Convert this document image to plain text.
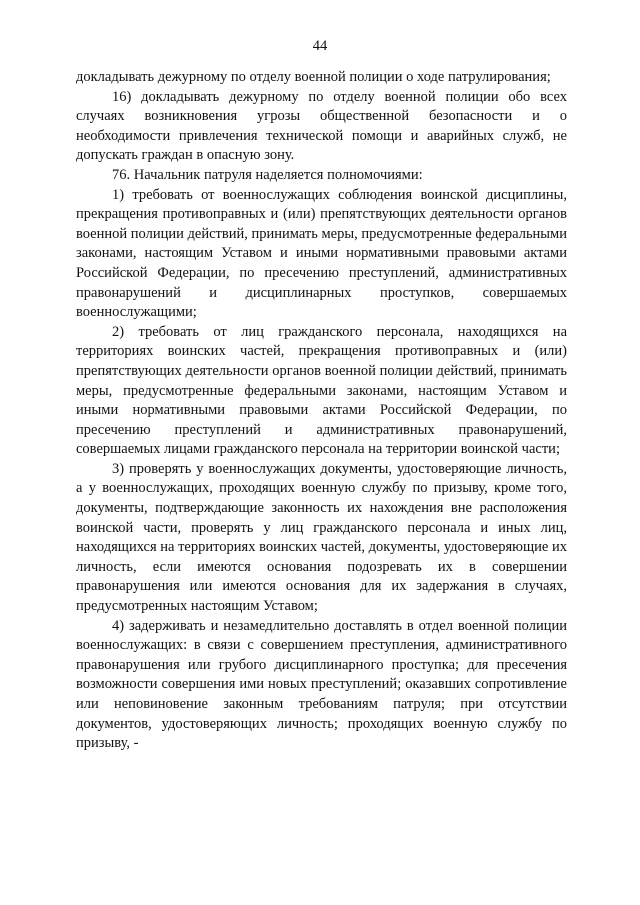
44

докладывать дежурному по отделу военной полиции о ходе патрулирования;

16) докладывать дежурному по отделу военной полиции обо всех случаях возникновения угрозы общественной безопасности и о необходимости привлечения технической помощи и аварийных служб, не допускать граждан в опасную зону.

76. Начальник патруля наделяется полномочиями:

1) требовать от военнослужащих соблюдения воинской дисциплины, прекращения противоправных и (или) препятствующих деятельности органов военной полиции действий, принимать меры, предусмотренные федеральными законами, настоящим Уставом и иными нормативными правовыми актами Российской Федерации, по пресечению преступлений, административных правонарушений и дисциплинарных проступков, совершаемых военнослужащими;

2) требовать от лиц гражданского персонала, находящихся на территориях воинских частей, прекращения противоправных и (или) препятствующих деятельности органов военной полиции действий, принимать меры, предусмотренные федеральными законами, настоящим Уставом и иными нормативными правовыми актами Российской Федерации, по пресечению преступлений и административных правонарушений, совершаемых лицами гражданского персонала на территории воинской части;

3) проверять у военнослужащих документы, удостоверяющие личность, а у военнослужащих, проходящих военную службу по призыву, кроме того, документы, подтверждающие законность их нахождения вне расположения воинской части, проверять у лиц гражданского персонала и иных лиц, находящихся на территориях воинских частей, документы, удостоверяющие их личность, если имеются основания подозревать их в совершении правонарушения или имеются основания для их задержания в случаях, предусмотренных настоящим Уставом;

4) задерживать и незамедлительно доставлять в отдел военной полиции военнослужащих: в связи с совершением преступления, административного правонарушения или грубого дисциплинарного проступка; для пресечения возможности совершения ими новых преступлений; оказавших сопротивление или неповиновение законным требованиям патруля; при отсутствии документов, удостоверяющих личность; проходящих военную службу по призыву, -
